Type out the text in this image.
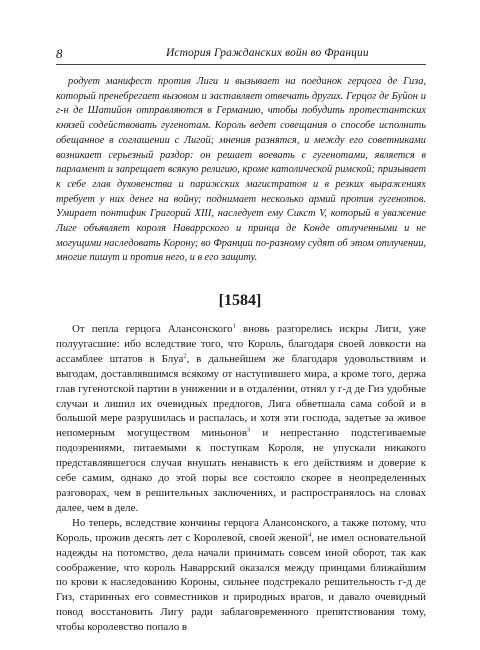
8	История Гражданских войн во Франции

родует манифест против Лиги и вызывает на поединок герцога де Гиза, который пренебрегает вызовом и заставляет отвечать других. Герцог де Буйон и г-н де Шатийон отправляются в Германию, чтобы побудить протестантских князей содействовать гугенотам. Король ведет совещания о способе исполнить обещанное в соглашении с Лигой; мнения разнятся, и между его советниками возникает серьезный раздор: он решает воевать с гугенотами, является в парламент и запрещает всякую религию, кроме католической римской; призывает к себе глав духовенства и парижских магистратов и в резких выражениях требует у них денег на войну; поднимает несколько армий против гугенотов. Умирает понтифик Григорий XIII, наследует ему Сикст V, который в уважение Лиге объявляет короля Наваррского и принца де Конде отлученными и не могущими наследовать Корону; во Франции по-разному судят об этом отлучении, многие пишут и против него, и в его защиту.

[1584]

От пепла герцога Алансонского$^1$ вновь разгорелись искры Лиги, уже полуугасшие: ибо вследствие того, что Король, благодаря своей ловкости на ассамблее штатов в Блуа$^2$, в дальнейшем же благодаря удовольствиям и выгодам, доставлявшимся всякому от наступившего мира, а кроме того, держа глав гугенотской партии в унижении и в отдалении, отнял у г-д де Гиз удобные случаи и лишил их очевидных предлогов, Лига обветшала сама собой и в большой мере разрушилась и распалась, и хотя эти господа, задетые за живое непомерным могуществом миньонов$^3$ и непрестанно подстегиваемые подозрениями, питаемыми к поступкам Короля, не упускали никакого представлявшегося случая внушать ненависть к его действиям и доверие к себе самим, однако до этой поры все состояло скорее в неопределенных разговорах, чем в решительных заключениях, и распространялось на словах далее, чем в деле.

Но теперь, вследствие кончины герцога Алансонского, а также потому, что Король, прожив десять лет с Королевой, своей женой$^4$, не имел основательной надежды на потомство, дела начали принимать совсем иной оборот, так как соображение, что король Наваррский оказался между принцами ближайшим по крови к наследованию Короны, сильнее подстрекало решительность г-д де Гиз, старинных его совместников и природных врагов, и давало очевидный повод восстановить Лигу ради заблаговременного препятствования тому, чтобы королевство попало в
